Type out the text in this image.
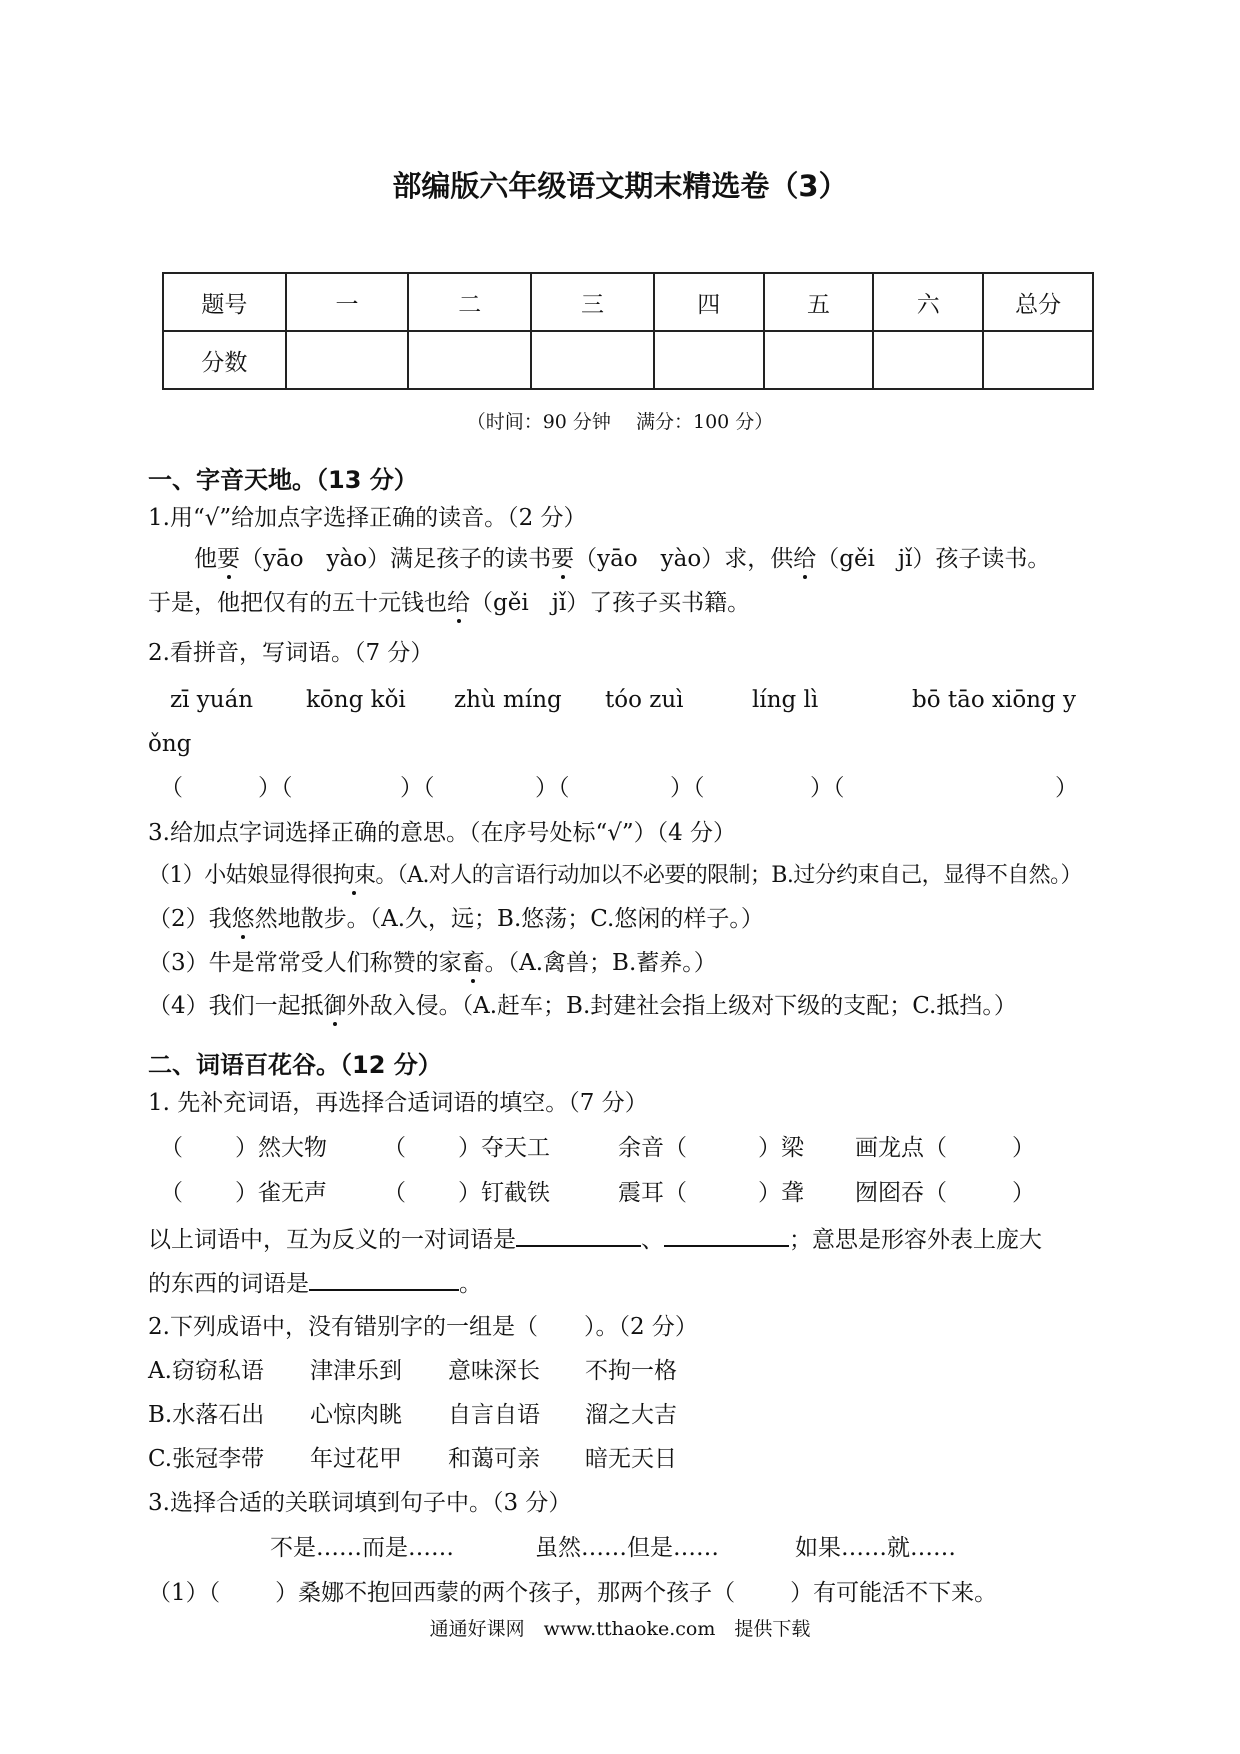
部编版六年级语文期末精选卷（3）
题号	一	二	三	四	五	六	总分
分数							
（时间：90 分钟　 满分：100 分）
一、字音天地。（13 分）
1.用“√”给加点字选择正确的读音。（2 分）
　　他要（yāo　yào）满足孩子的读书要（yāo　yào）求，供给（gěi　jǐ）孩子读书。
于是，他把仅有的五十元钱也给（gěi　jǐ）了孩子买书籍。
2.看拼音，写词语。（7 分）
zī yuán kōng kǒi zhù míng tóo zuì	líng lì	bō tāo xiōng y
ǒng
（	）（	）（	）（	）（	）（	）
3.给加点字词选择正确的意思。（在序号处标“√”）（4 分）
（1）小姑娘显得很拘束。（A.对人的言语行动加以不必要的限制；B.过分约束自己，显得不自然。）
（2）我悠然地散步。（A.久，远；B.悠荡；C.悠闲的样子。）
（3）牛是常常受人们称赞的家畜。（A.禽兽；B.蓄养。）
（4）我们一起抵御外敌入侵。（A.赶车；B.封建社会指上级对下级的支配；C.抵挡。）
二、词语百花谷。（12 分）
1. 先补充词语，再选择合适词语的填空。（7 分）
（ ）然大物 （ ）夺天工	余音（	）梁 画龙点（	）
（ ）雀无声 （ ）钉截铁	震耳（	）聋 囫囵吞（	）
以上词语中，互为反义的一对词语是	、	；意思是形容外表上庞大
的东西的词语是	。
2.下列成语中，没有错别字的一组是（　　）。（2 分）
A.窃窃私语 津津乐到 意味深长 不拘一格
B.水落石出 心惊肉眺 自言自语 溜之大吉
C.张冠李带 年过花甲 和蔼可亲 暗无天日
3.选择合适的关联词填到句子中。（3 分）
不是……而是……	虽然……但是……	如果……就……
（1）（ ）桑娜不抱回西蒙的两个孩子，那两个孩子（ ）有可能活不下来。
通通好课网　www.tthaoke.com　提供下载
